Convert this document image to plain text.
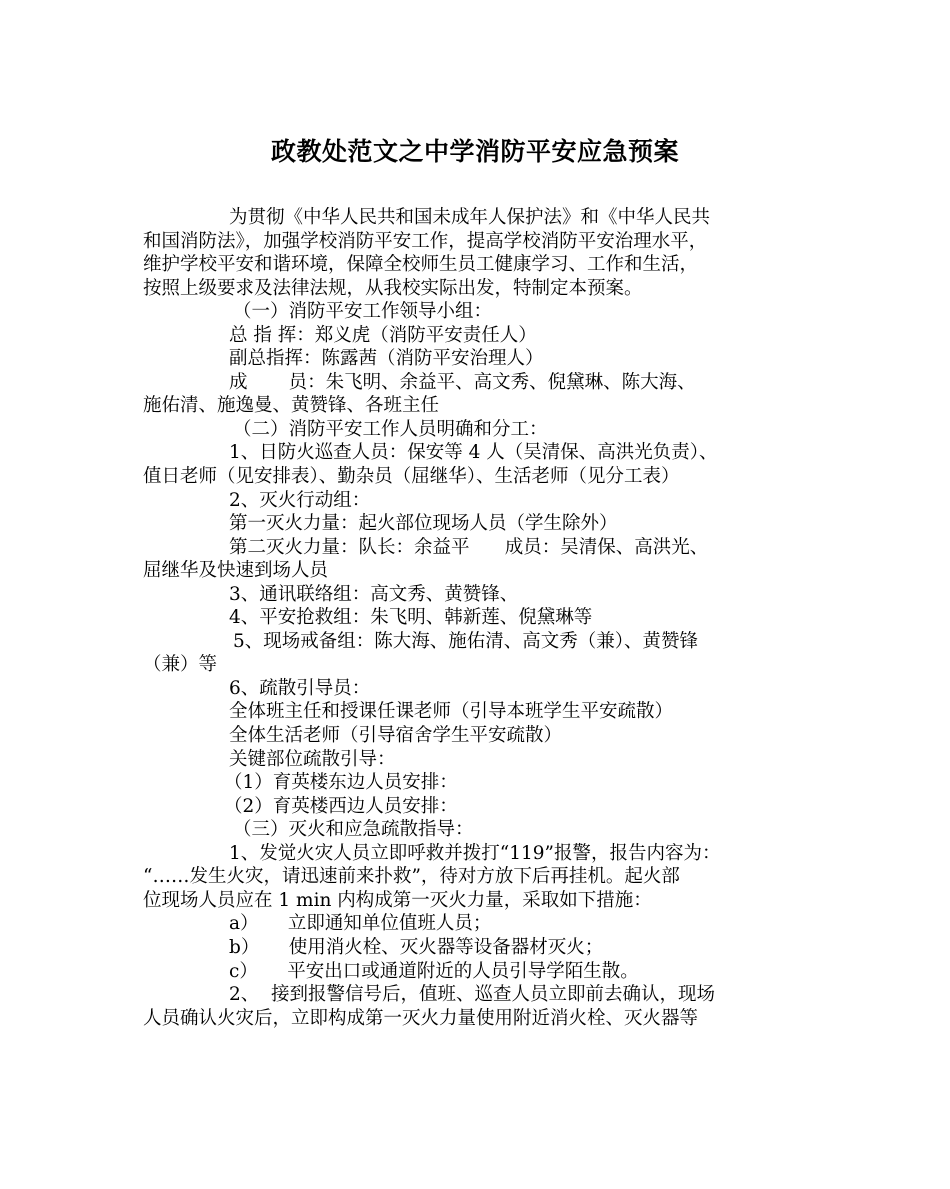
政教处范文之中学消防平安应急预案
为贯彻《中华人民共和国未成年人保护法》和《中华人民共
和国消防法》，加强学校消防平安工作，提高学校消防平安治理水平，
维护学校平安和谐环境，保障全校师生员工健康学习、工作和生活，
按照上级要求及法律法规，从我校实际出发，特制定本预案。
（一）消防平安工作领导小组：
总 指 挥：郑义虎（消防平安责任人）
副总指挥：陈露茜（消防平安治理人）
成       员：朱飞明、余益平、高文秀、倪黛琳、陈大海、
施佑清、施逸曼、黄赞锋、各班主任
（二）消防平安工作人员明确和分工：
1、日防火巡查人员：保安等 4 人（吴清保、高洪光负责）、
值日老师（见安排表）、勤杂员（屈继华）、生活老师（见分工表）
2、灭火行动组：
第一灭火力量：起火部位现场人员（学生除外）
第二灭火力量：队长：余益平      成员：吴清保、高洪光、
屈继华及快速到场人员
3、通讯联络组：高文秀、黄赞锋、
4、平安抢救组：朱飞明、韩新莲、倪黛琳等
5、现场戒备组：陈大海、施佑清、高文秀（兼）、黄赞锋
（兼）等
6、疏散引导员：
全体班主任和授课任课老师（引导本班学生平安疏散）
全体生活老师（引导宿舍学生平安疏散）
关键部位疏散引导：
（1）育英楼东边人员安排：
（2）育英楼西边人员安排：
（三）灭火和应急疏散指导：
1、发觉火灾人员立即呼救并拨打“119”报警，报告内容为：
“……发生火灾，请迅速前来扑救”，待对方放下后再挂机。起火部
位现场人员应在 1 min 内构成第一灭火力量，采取如下措施：
a）     立即通知单位值班人员；
b）     使用消火栓、灭火器等设备器材灭火；
c）     平安出口或通道附近的人员引导学陌生散。
2、  接到报警信号后，值班、巡查人员立即前去确认，现场
人员确认火灾后，立即构成第一灭火力量使用附近消火栓、灭火器等
